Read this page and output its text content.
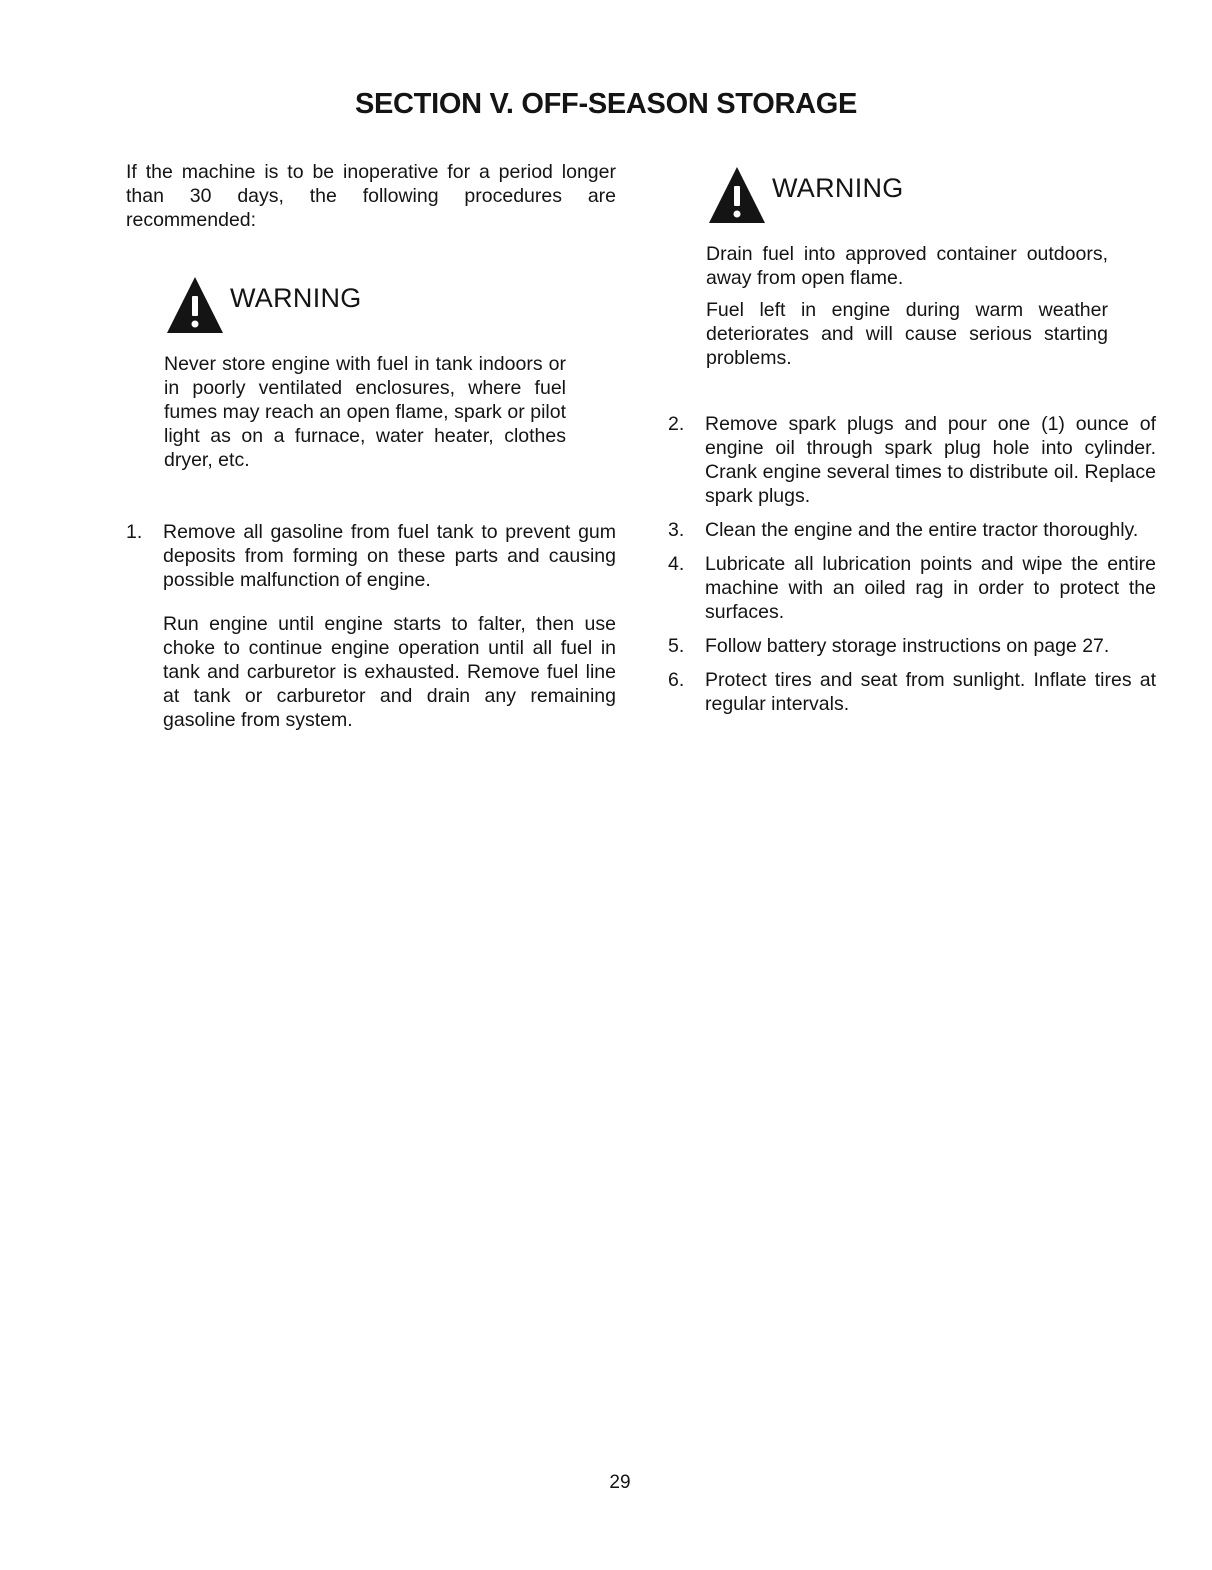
SECTION V. OFF-SEASON STORAGE

If the machine is to be inoperative for a period longer than 30 days, the following procedures are recommended:

WARNING

Never store engine with fuel in tank indoors or in poorly ventilated enclosures, where fuel fumes may reach an open flame, spark or pilot light as on a furnace, water heater, clothes dryer, etc.

1.	Remove all gasoline from fuel tank to prevent gum deposits from forming on these parts and causing possible malfunction of engine.

Run engine until engine starts to falter, then use choke to continue engine operation until all fuel in tank and carburetor is exhausted. Remove fuel line at tank or carburetor and drain any remaining gasoline from system.

WARNING

Drain fuel into approved container outdoors, away from open flame.

Fuel left in engine during warm weather deteriorates and will cause serious starting problems.

2.	Remove spark plugs and pour one (1) ounce of engine oil through spark plug hole into cylinder. Crank engine several times to distribute oil. Replace spark plugs.

3.	Clean the engine and the entire tractor thoroughly.

4.	Lubricate all lubrication points and wipe the entire machine with an oiled rag in order to protect the surfaces.

5.	Follow battery storage instructions on page 27.

6.	Protect tires and seat from sunlight. Inflate tires at regular intervals.

29
